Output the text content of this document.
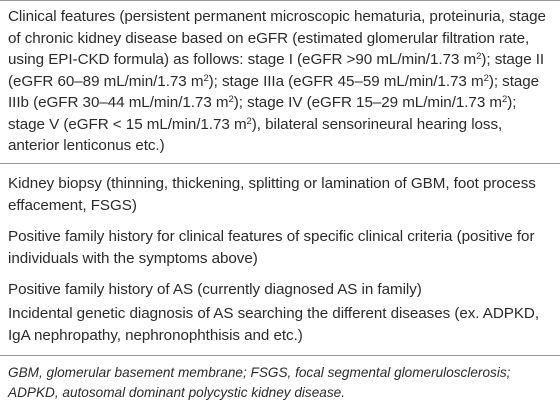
Clinical features (persistent permanent microscopic hematuria, proteinuria, stage
of chronic kidney disease based on eGFR (estimated glomerular filtration rate,
using EPI-CKD formula) as follows: stage I (eGFR >90 mL/min/1.73 $m^2$); stage II
(eGFR 60–89 mL/min/1.73 $m^2$); stage IIIa (eGFR 45–59 mL/min/1.73 $m^2$); stage
IIIb (eGFR 30–44 mL/min/1.73 $m^2$); stage IV (eGFR 15–29 mL/min/1.73 $m^2$);
stage V (eGFR < 15 mL/min/1.73 $m^2$), bilateral sensorineural hearing loss,
anterior lenticonus etc.)

Kidney biopsy (thinning, thickening, splitting or lamination of GBM, foot process
effacement, FSGS)

Positive family history for clinical features of specific clinical criteria (positive for
individuals with the symptoms above)

Positive family history of AS (currently diagnosed AS in family)

Incidental genetic diagnosis of AS searching the different diseases (ex. ADPKD,
IgA nephropathy, nephronophthisis and etc.)

GBM, glomerular basement membrane; FSGS, focal segmental glomerulosclerosis;
ADPKD, autosomal dominant polycystic kidney disease.
